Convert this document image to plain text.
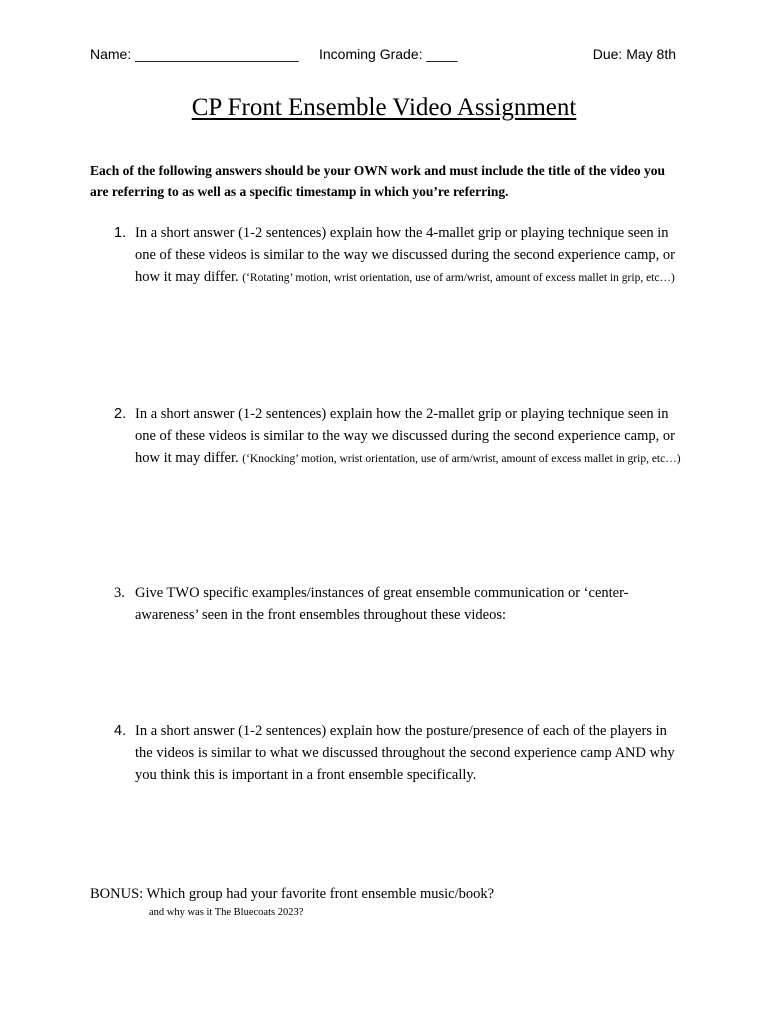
Name: _____________________ Incoming Grade: ____	Due: May 8th
CP Front Ensemble Video Assignment
Each of the following answers should be your OWN work and must include the title of the video you are referring to as well as a specific timestamp in which you’re referring.
1. In a short answer (1-2 sentences) explain how the 4-mallet grip or playing technique seen in one of these videos is similar to the way we discussed during the second experience camp, or how it may differ. (‘Rotating’ motion, wrist orientation, use of arm/wrist, amount of excess mallet in grip, etc…)
2. In a short answer (1-2 sentences) explain how the 2-mallet grip or playing technique seen in one of these videos is similar to the way we discussed during the second experience camp, or how it may differ. (‘Knocking’ motion, wrist orientation, use of arm/wrist, amount of excess mallet in grip, etc…)
3. Give TWO specific examples/instances of great ensemble communication or ‘center-awareness’ seen in the front ensembles throughout these videos:
4. In a short answer (1-2 sentences) explain how the posture/presence of each of the players in the videos is similar to what we discussed throughout the second experience camp AND why you think this is important in a front ensemble specifically.
BONUS: Which group had your favorite front ensemble music/book?
and why was it The Bluecoats 2023?
